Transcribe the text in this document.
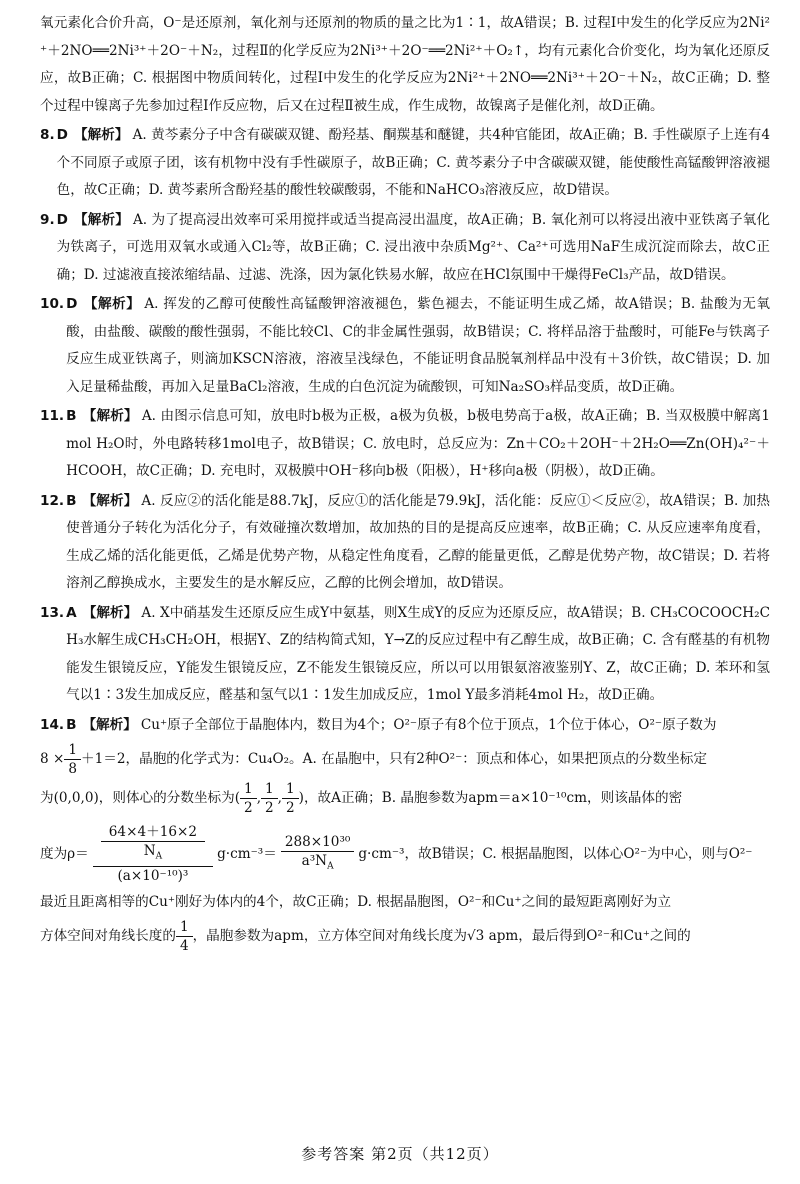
氧元素化合价升高，O⁻是还原剂，氧化剂与还原剂的物质的量之比为1∶1，故A错误；B. 过程Ⅰ中发生的化学反应为2Ni²⁺＋2NO══2Ni³⁺＋2O⁻＋N₂，过程Ⅱ的化学反应为2Ni³⁺＋2O⁻══2Ni²⁺＋O₂↑，均有元素化合价变化，均为氧化还原反应，故B正确；C. 根据图中物质间转化，过程Ⅰ中发生的化学反应为2Ni²⁺＋2NO══2Ni³⁺＋2O⁻＋N₂，故C正确；D. 整个过程中镍离子先参加过程Ⅰ作反应物，后又在过程Ⅱ被生成，作生成物，故镍离子是催化剂，故D正确。

8. D 【解析】 A. 黄芩素分子中含有碳碳双键、酚羟基、酮羰基和醚键，共4种官能团，故A正确；B. 手性碳原子上连有4个不同原子或原子团，该有机物中没有手性碳原子，故B正确；C. 黄芩素分子中含碳碳双键，能使酸性高锰酸钾溶液褪色，故C正确；D. 黄芩素所含酚羟基的酸性较碳酸弱，不能和NaHCO₃溶液反应，故D错误。

9. D 【解析】 A. 为了提高浸出效率可采用搅拌或适当提高浸出温度，故A正确；B. 氧化剂可以将浸出液中亚铁离子氧化为铁离子，可选用双氧水或通入Cl₂等，故B正确；C. 浸出液中杂质Mg²⁺、Ca²⁺可选用NaF生成沉淀而除去，故C正确；D. 过滤液直接浓缩结晶、过滤、洗涤，因为氯化铁易水解，故应在HCl氛围中干燥得FeCl₃产品，故D错误。

10. D 【解析】 A. 挥发的乙醇可使酸性高锰酸钾溶液褪色，紫色褪去，不能证明生成乙烯，故A错误；B. 盐酸为无氧酸，由盐酸、碳酸的酸性强弱，不能比较Cl、C的非金属性强弱，故B错误；C. 将样品溶于盐酸时，可能Fe与铁离子反应生成亚铁离子，则滴加KSCN溶液，溶液呈浅绿色，不能证明食品脱氧剂样品中没有＋3价铁，故C错误；D. 加入足量稀盐酸，再加入足量BaCl₂溶液，生成的白色沉淀为硫酸钡，可知Na₂SO₃样品变质，故D正确。

11. B 【解析】 A. 由图示信息可知，放电时b极为正极，a极为负极，b极电势高于a极，故A正确；B. 当双极膜中解离1mol H₂O时，外电路转移1mol电子，故B错误；C. 放电时，总反应为：Zn＋CO₂＋2OH⁻＋2H₂O══Zn(OH)₄²⁻＋HCOOH，故C正确；D. 充电时，双极膜中OH⁻移向b极（阳极），H⁺移向a极（阴极），故D正确。

12. B 【解析】 A. 反应②的活化能是88.7kJ，反应①的活化能是79.9kJ，活化能：反应①＜反应②，故A错误；B. 加热使普通分子转化为活化分子，有效碰撞次数增加，故加热的目的是提高反应速率，故B正确；C. 从反应速率角度看，生成乙烯的活化能更低，乙烯是优势产物，从稳定性角度看，乙醇的能量更低，乙醇是优势产物，故C错误；D. 若将溶剂乙醇换成水，主要发生的是水解反应，乙醇的比例会增加，故D错误。

13. A 【解析】 A. X中硝基发生还原反应生成Y中氨基，则X生成Y的反应为还原反应，故A错误；B. CH₃COCOOCH₂CH₃水解生成CH₃CH₂OH，根据Y、Z的结构简式知，Y→Z的反应过程中有乙醇生成，故B正确；C. 含有醛基的有机物能发生银镜反应，Y能发生银镜反应，Z不能发生银镜反应，所以可以用银氨溶液鉴别Y、Z，故C正确；D. 苯环和氢气以1∶3发生加成反应，醛基和氢气以1∶1发生加成反应，1mol Y最多消耗4mol H₂，故D正确。

14. B 【解析】 Cu⁺原子全部位于晶胞体内，数目为4个；O²⁻原子有8个位于顶点，1个位于体心，O²⁻原子数为

$8 \times \frac{1}{8} +1=2$，晶胞的化学式为：Cu₄O₂。A. 在晶胞中，只有2种O²⁻：顶点和体心，如果把顶点的分数坐标定

为(0,0,0)，则体心的分数坐标为( $\frac{1}{2}$ , $\frac{1}{2}$ , $\frac{1}{2}$ )，故A正确；B. 晶胞参数为apm＝a×10⁻¹⁰cm，则该晶体的密

度为$\rho= \frac{\frac{64\times 4+16\times 2}{N_A}}{\text{(a×10⁻¹⁰)³}} g\cdot cm^{-3}= \frac{\text{288×10³⁰}}{a^3N_A} g\cdot cm^{-3}$，故B错误；C. 根据晶胞图，以体心O²⁻为中心，则与O²⁻

最近且距离相等的Cu⁺刚好为体内的4个，故C正确；D. 根据晶胞图，O²⁻和Cu⁺之间的最短距离刚好为立

方体空间对角线长度的 $\frac{1}{4}$ ，晶胞参数为apm，立方体空间对角线长度为√3 apm，最后得到O²⁻和Cu⁺之间的

参考答案 第2页（共12页）
